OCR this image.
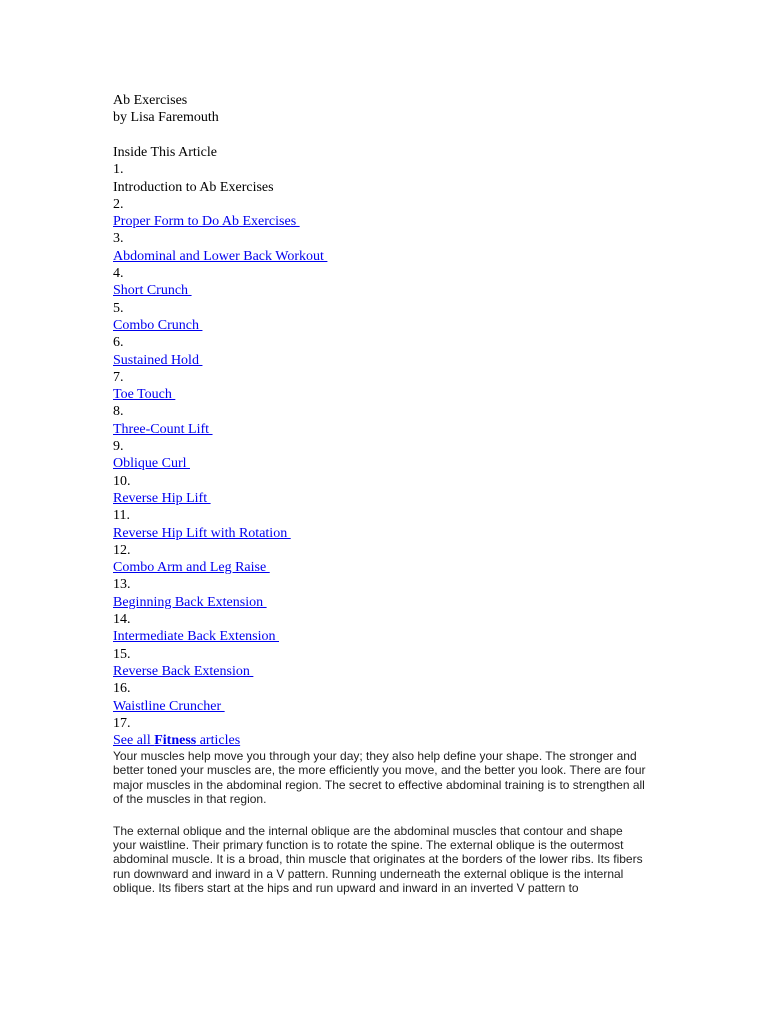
Ab Exercises
by Lisa Faremouth
Inside This Article
1.
Introduction to Ab Exercises
2.
Proper Form to Do Ab Exercises
3.
Abdominal and Lower Back Workout
4.
Short Crunch
5.
Combo Crunch
6.
Sustained Hold
7.
Toe Touch
8.
Three-Count Lift
9.
Oblique Curl
10.
Reverse Hip Lift
11.
Reverse Hip Lift with Rotation
12.
Combo Arm and Leg Raise
13.
Beginning Back Extension
14.
Intermediate Back Extension
15.
Reverse Back Extension
16.
Waistline Cruncher
17.
See all Fitness articles

Your muscles help move you through your day; they also help define your shape. The stronger and better toned your muscles are, the more efficiently you move, and the better you look. There are four major muscles in the abdominal region. The secret to effective abdominal training is to strengthen all of the muscles in that region.

The external oblique and the internal oblique are the abdominal muscles that contour and shape your waistline. Their primary function is to rotate the spine. The external oblique is the outermost abdominal muscle. It is a broad, thin muscle that originates at the borders of the lower ribs. Its fibers run downward and inward in a V pattern. Running underneath the external oblique is the internal oblique. Its fibers start at the hips and run upward and inward in an inverted V pattern to
